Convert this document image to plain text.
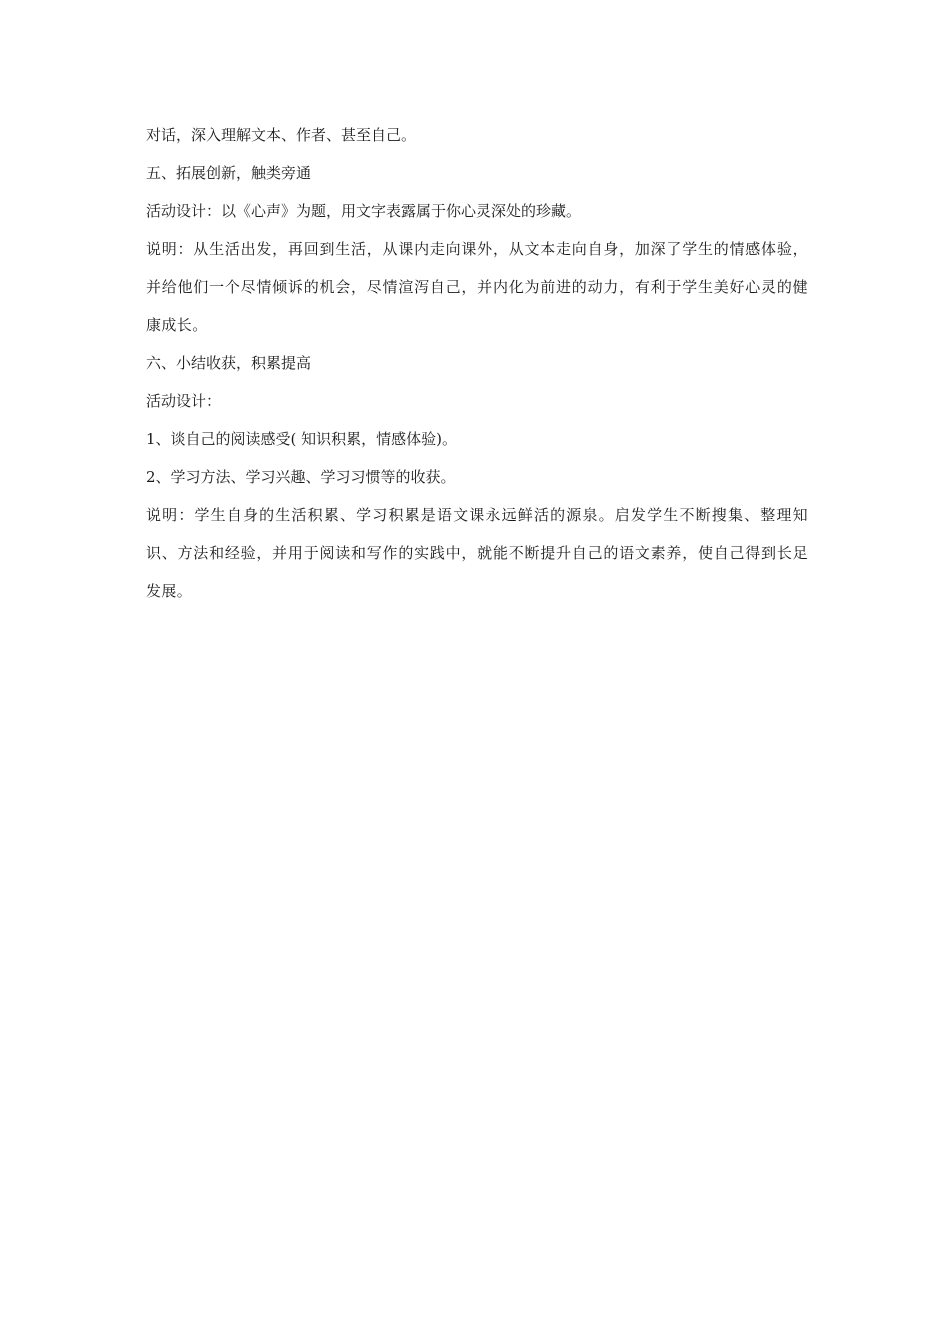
对话，深入理解文本、作者、甚至自己。

五、拓展创新，触类旁通

活动设计：以《心声》为题，用文字表露属于你心灵深处的珍藏。

说明：从生活出发，再回到生活，从课内走向课外，从文本走向自身，加深了学生的情感体验，并给他们一个尽情倾诉的机会，尽情渲泻自己，并内化为前进的动力，有利于学生美好心灵的健康成长。

六、小结收获，积累提高

活动设计：

1、谈自己的阅读感受( 知识积累，情感体验)。

2、学习方法、学习兴趣、学习习惯等的收获。

说明：学生自身的生活积累、学习积累是语文课永远鲜活的源泉。启发学生不断搜集、整理知识、方法和经验，并用于阅读和写作的实践中，就能不断提升自己的语文素养，使自己得到长足发展。
